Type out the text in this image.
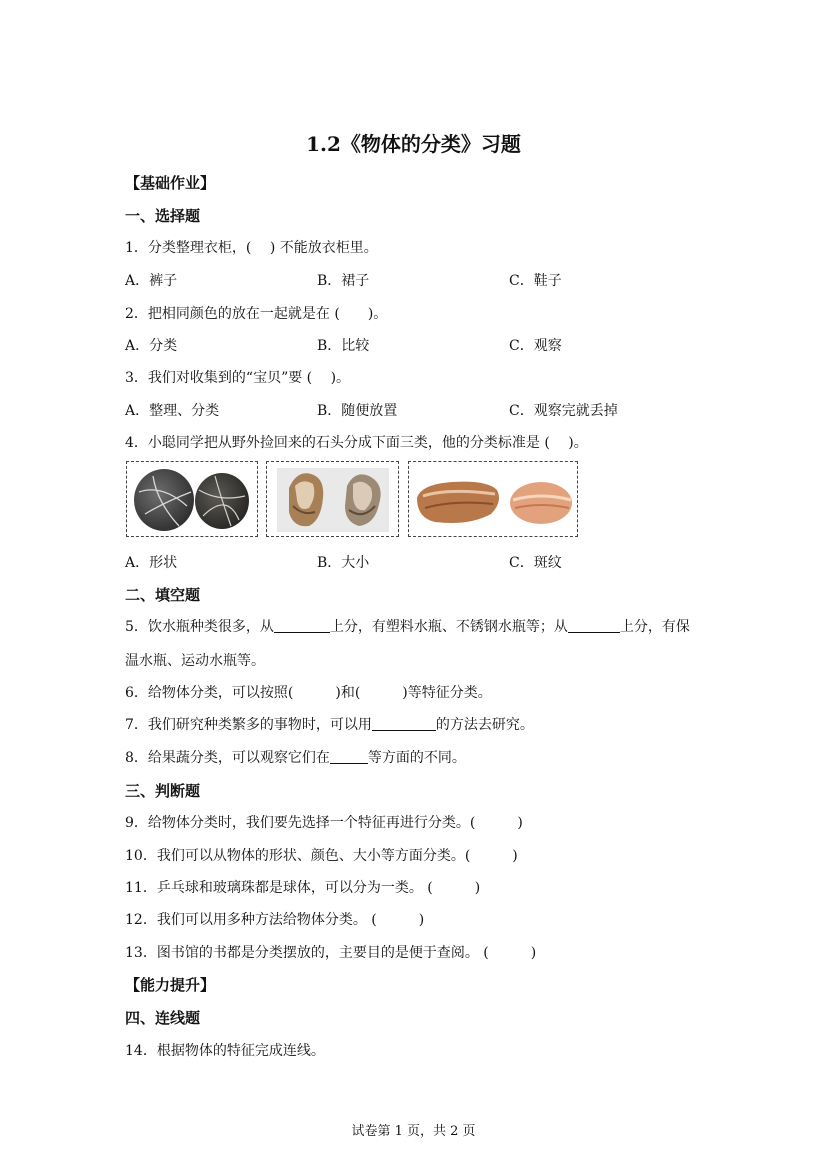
1.2《物体的分类》习题
【基础作业】
一、选择题
1．分类整理衣柜，(　 ) 不能放衣柜里。
A．裤子	B．裙子	C．鞋子
2．把相同颜色的放在一起就是在 (　　)。
A．分类	B．比较	C．观察
3．我们对收集到的“宝贝”要 (　 )。
A．整理、分类	B．随便放置	C．观察完就丢掉
4．小聪同学把从野外捡回来的石头分成下面三类，他的分类标准是 (　 )。
A．形状	B．大小	C．斑纹
二、填空题
5．饮水瓶种类很多，从	上分，有塑料水瓶、不锈钢水瓶等；从	上分，有保
温水瓶、运动水瓶等。
6．给物体分类，可以按照(　　　)和(　　　)等特征分类。
7．我们研究种类繁多的事物时，可以用	的方法去研究。
8．给果蔬分类，可以观察它们在	等方面的不同。
三、判断题
9．给物体分类时，我们要先选择一个特征再进行分类。(　　　)
10．我们可以从物体的形状、颜色、大小等方面分类。(　　　)
11．乒乓球和玻璃珠都是球体，可以分为一类。 (　　　)
12．我们可以用多种方法给物体分类。 (　　　)
13．图书馆的书都是分类摆放的，主要目的是便于查阅。 (　　　)
【能力提升】
四、连线题
14．根据物体的特征完成连线。
试卷第 1 页，共 2 页
